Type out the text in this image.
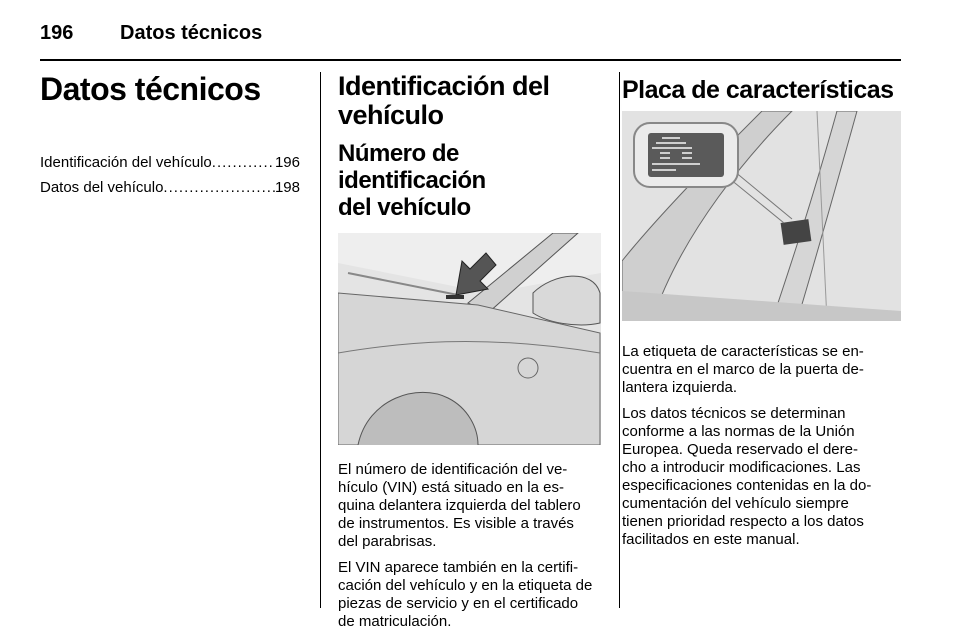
196 Datos técnicos
Datos técnicos
Identificación del vehículo .....	196
Datos del vehículo .....	198
Identificación del
vehículo
Número de identificación
del vehículo

El número de identificación del ve-
hículo (VIN) está situado en la es-
quina delantera izquierda del tablero
de instrumentos. Es visible a través
del parabrisas.

El VIN aparece también en la certifi-
cación del vehículo y en la etiqueta de
piezas de servicio y en el certificado
de matriculación.

Placa de características

La etiqueta de características se en-
cuentra en el marco de la puerta de-
lantera izquierda.

Los datos técnicos se determinan
conforme a las normas de la Unión
Europea. Queda reservado el dere-
cho a introducir modificaciones. Las
especificaciones contenidas en la do-
cumentación del vehículo siempre
tienen prioridad respecto a los datos
facilitados en este manual.
